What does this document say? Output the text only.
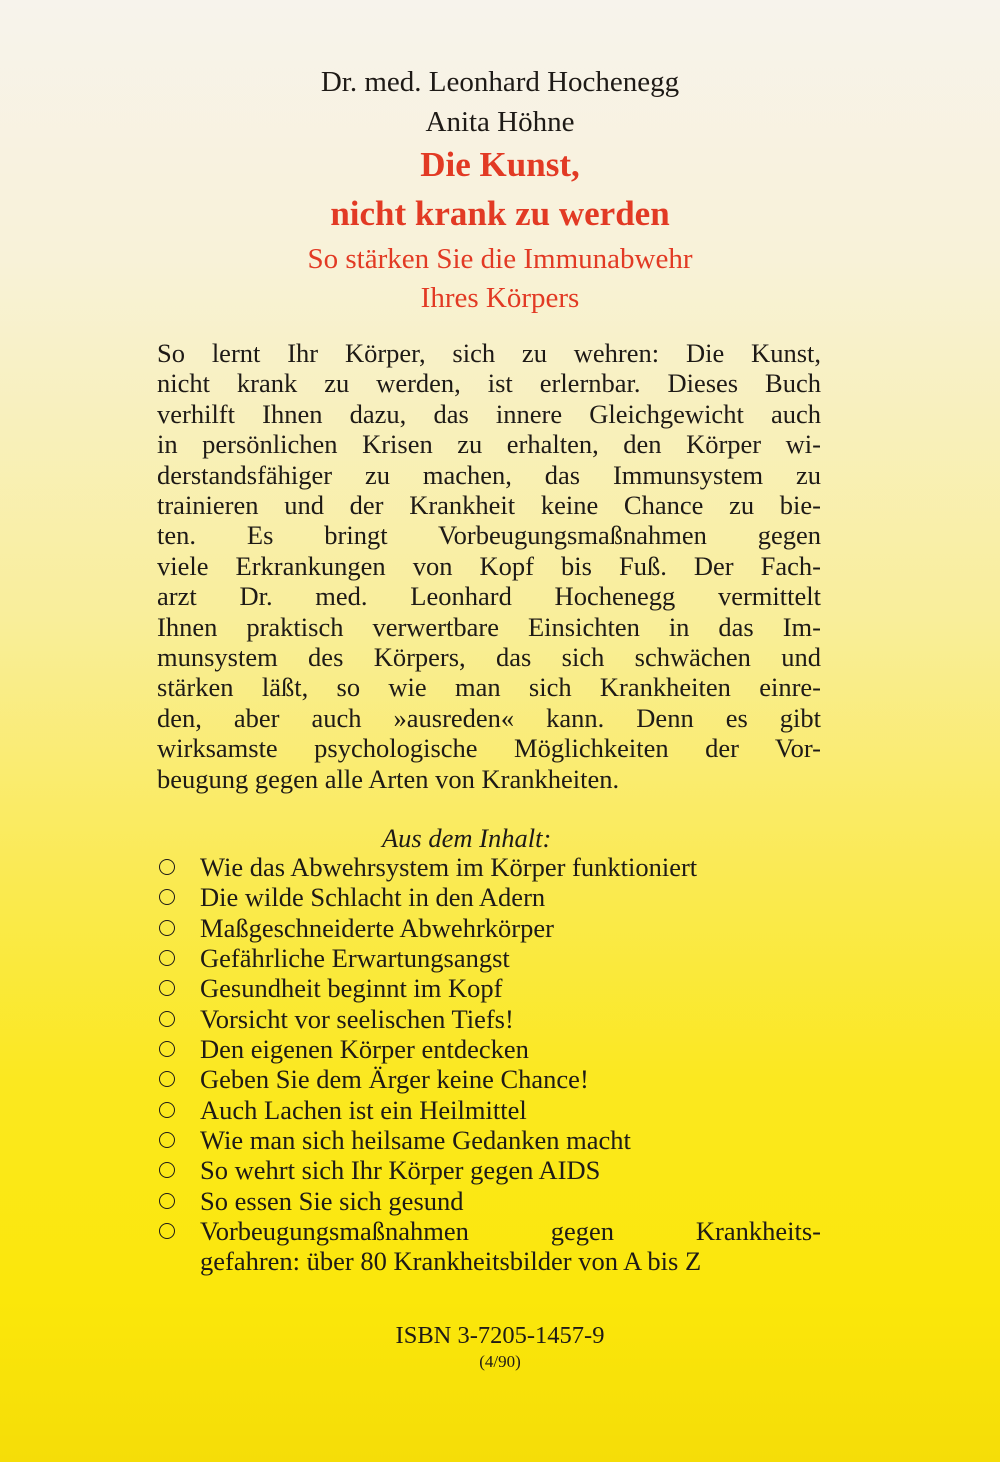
Dr. med. Leonhard Hochenegg
Anita Höhne
Die Kunst,
nicht krank zu werden
So stärken Sie die Immunabwehr
Ihres Körpers
So lernt Ihr Körper, sich zu wehren: Die Kunst,
nicht krank zu werden, ist erlernbar. Dieses Buch
verhilft Ihnen dazu, das innere Gleichgewicht auch
in persönlichen Krisen zu erhalten, den Körper wi-
derstandsfähiger zu machen, das Immunsystem zu
trainieren und der Krankheit keine Chance zu bie-
ten. Es bringt Vorbeugungsmaßnahmen gegen
viele Erkrankungen von Kopf bis Fuß. Der Fach-
arzt Dr. med. Leonhard Hochenegg vermittelt
Ihnen praktisch verwertbare Einsichten in das Im-
munsystem des Körpers, das sich schwächen und
stärken läßt, so wie man sich Krankheiten einre-
den, aber auch »ausreden« kann. Denn es gibt
wirksamste psychologische Möglichkeiten der Vor-
beugung gegen alle Arten von Krankheiten.
Aus dem Inhalt:
Wie das Abwehrsystem im Körper funktioniert
Die wilde Schlacht in den Adern
Maßgeschneiderte Abwehrkörper
Gefährliche Erwartungsangst
Gesundheit beginnt im Kopf
Vorsicht vor seelischen Tiefs!
Den eigenen Körper entdecken
Geben Sie dem Ärger keine Chance!
Auch Lachen ist ein Heilmittel
Wie man sich heilsame Gedanken macht
So wehrt sich Ihr Körper gegen AIDS
So essen Sie sich gesund
Vorbeugungsmaßnahmen gegen Krankheits-
gefahren: über 80 Krankheitsbilder von A bis Z
ISBN 3-7205-1457-9
(4/90)
